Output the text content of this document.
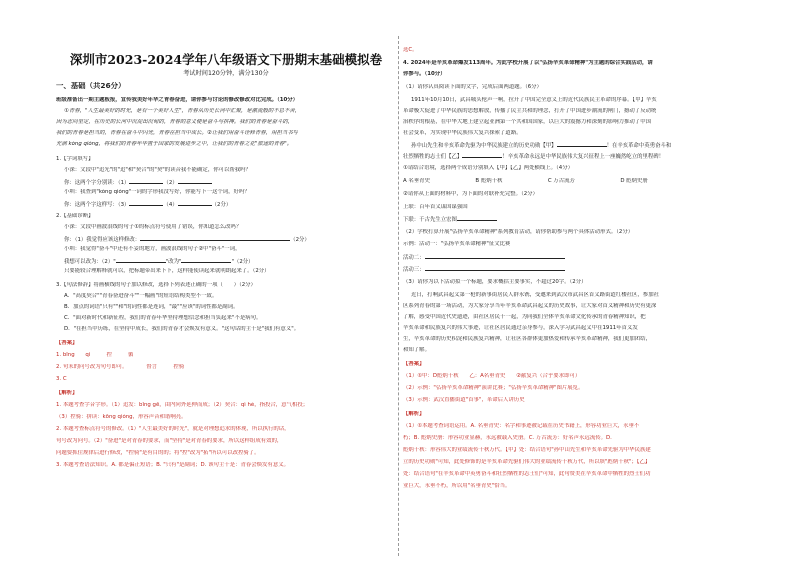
深圳市2023-2024学年八年级语文下册期末基础模拟卷
考试时间120分钟，满分130分
一、基础（共26分）
班级准备出一期主题板报，宣传我美好年华之青春奋进，请你参与讨论的修改修改对比完成。（10分）
①青春，"人生最美好的时光，是有一个美好人生"，青春从历史长河中汇聚，是激流般的不息不舍，
因为志向坚定，在历史的长河中沉淀出沉甸的，青春的意义便是奋斗与拼搏。我们的青春是奋斗的，
我们的青春是担当的，青春在奋斗中闪光，青春在担当中成长。②让我们用奋斗诠释青春，用担当书写
充满 kòng qióng，将我们的青春年华置于国家的发展进步之中，让我们的青春之花"旅途的青春"。
1.【字词填写】
小深：文段中"追光"的"追"和"契合"的"契"的读音我不能确定，你可以帮我吗？
你：这两个字分别读：（1）	（2）
小圳：我查到"kòng qióng"一词的字形我没写好，你能写下一这个词，好吗？
你：这两个字这样写：（3）	（4）	（2分）
2.【基础诊断】
小深：文段中画波浪线的句子①的标点符号使用了错误，你知道怎么改吗？
你：（1）我觉得应该这样修改：	（2分）
小圳：我觉得"奋斗"中还有不妥的地方，画波浪线的句子②中"奋斗"一词，
我想可以改为：（2）"	"改为"	"（2分）
只要能较合理解释就可以，把标题带出来下下，这样能使读起来就明朗起来了。（2分）
3.【句法修辞】将画横线的句子加以修改，选择下列表述正确的一项（　　）（2分）
A．"高度契合""青春奋进奋斗""一幅画"的短语结构类型不一致。
B．加点的词语"只有""和"的词性都是连词，"最""应该"的词性都是副词。
C．"面对新时代和新征程，我们的青春年华坚持理想信念和担当负起来"不是病句。
D．"在担当中历练，在坚持中成长，我们的青春才会焕发有意义。"这句话的主干是"我们有意义"。
【答案】
1. bǐng　　qì　　　控　　　循
2. 句末的问号改为句号即可。　　　　督言　　　控骑
3. C
【解析】
1. 本题考查字音字形。（1）追发：bǐng gē，由内向外延伸而成；（2）契合：qì hé，指投合，意气相投；
（3）控骑：拼读：kōng qióng，形容声音和谐响亮。
2. 本题考查标点符号的修改。（1）"人生最美好的时光"，就是对理想追求的体现，所以执行的话，
句号改为问号。（2）"奋进"是对青春的要求，而"坚持"是对青春的要求，所以这样组成有效的，
问题要抓住规律后进行修改，"控骑"是有目的的；将"控"改为"拓"所以可以改控骑了。
3. 本题考查语法知识。A. 都是偏正短语；B. "只有"是副词；D. 该句主干是：青春会焕发有意义。
选C。
4. 2024年是辛亥革命爆发113周年。为此学校开展了以"弘扬辛亥革命精神"为主题的综合实践活动，请
你参与。（10分）
（1）请你认真阅读下面的文字，完成后面两道题。（6分）
1911年10月10日，武昌城头枪声一响，拉开了中国完全意义上的近代民族民主革命的序幕。【甲】辛亥
革命极大促进了中华民族的思想解放，传播了民主共和的理念，打开了中国进步潮流的闸门，撼动了反动统
治秩序的根基，在中华大地上建立起亚洲第一个共和国国家，以巨大的震撼力和深刻的影响力推动了中国
社会变革，为实现中华民族伟大复兴探索了道路。
孙中山先生和辛亥革命先驱为中华民族建立的历史功勋【甲】	！在辛亥革命中英勇奋斗和
壮烈牺牲的志士们【乙】	！辛亥革命永远是中华民族伟大复兴征程上一座巍然屹立的里程碑！
①请结合语境，选择两个成语分别填入【甲】【乙】两处横线上。（4分）
A 名垂青史	B 彪炳千秋	C 万古流芳	D 彪炳史册
②请你从上面的材料中，为下面的对联补充完整。（2分）
上联：百年首义谋国谋强国
下联：千古先生立宏图
（2）学校打算开展"弘扬辛亥革命精神"系列教育活动，请你帮助参与两个具体活动形式。（2分）
示例：活动一："弘扬辛亥革命精神"征文比赛
活动二：
活动三：
（3）请你为以下活动拟一个标题，要求概括主要事实，不超过20字。（2分）
近日，打响武昌起义第一枪的新事街居民人群永镌，受邀来到武汉市武昌区首义路街道红楼社区，参加社
区系列青春的第一场活动，为大家分享当年辛亥革命武昌起义的历史故事，让大家对首义精神和历史有更深
了解，感受中国近代史遗迹，由社区居民干一起，为同我们全体辛亥革命文化传承的青春精神知识，把
辛亥革命和民族复兴的伟大事迹，让社区居民通过亲身参与，深入学习武昌起义中在1911年首义发
生，辛亥革命的历史积淀和民族复兴精神，让社区各群体更加热爱和传承辛亥革命精神，我们更加团结，
和知了解。
【答案】
（1）①甲：D彪炳千秋　　乙：A名垂青史　　②献复兴（合乎要求即可）
（2）示例："弘扬辛亥革命精神"演讲比赛；"弘扬辛亥革命精神"图片展览。
（3）示例：武汉直播街道"首事"，革命后人讲历史
【解析】
（1）①本题考查词语运用。A. 名垂青史：名字和事迹被记载在历史书籍上，形容功业巨大，永垂不
朽；B. 彪炳史册：形容功业显赫，永远被载入史册。C. 万古流芳：好名声永远流传。D.
彪炳千秋：形容伟大的业绩流传千秋万代。【甲】处：结合语句"孙中山先生和辛亥革命先驱为中华民族建
立的历史功勋"可知，此处修饰的是辛亥革命先驱们伟大的业绩流传千秋万代，所以填"彪炳千秋"；【乙】
处：结合语句"在辛亥革命中英勇奋斗和壮烈牺牲的志士们"可知，此句赞美在辛亥革命中牺牲的烈士们功
业巨大，永垂不朽，所以用"名垂青史"恰当。
